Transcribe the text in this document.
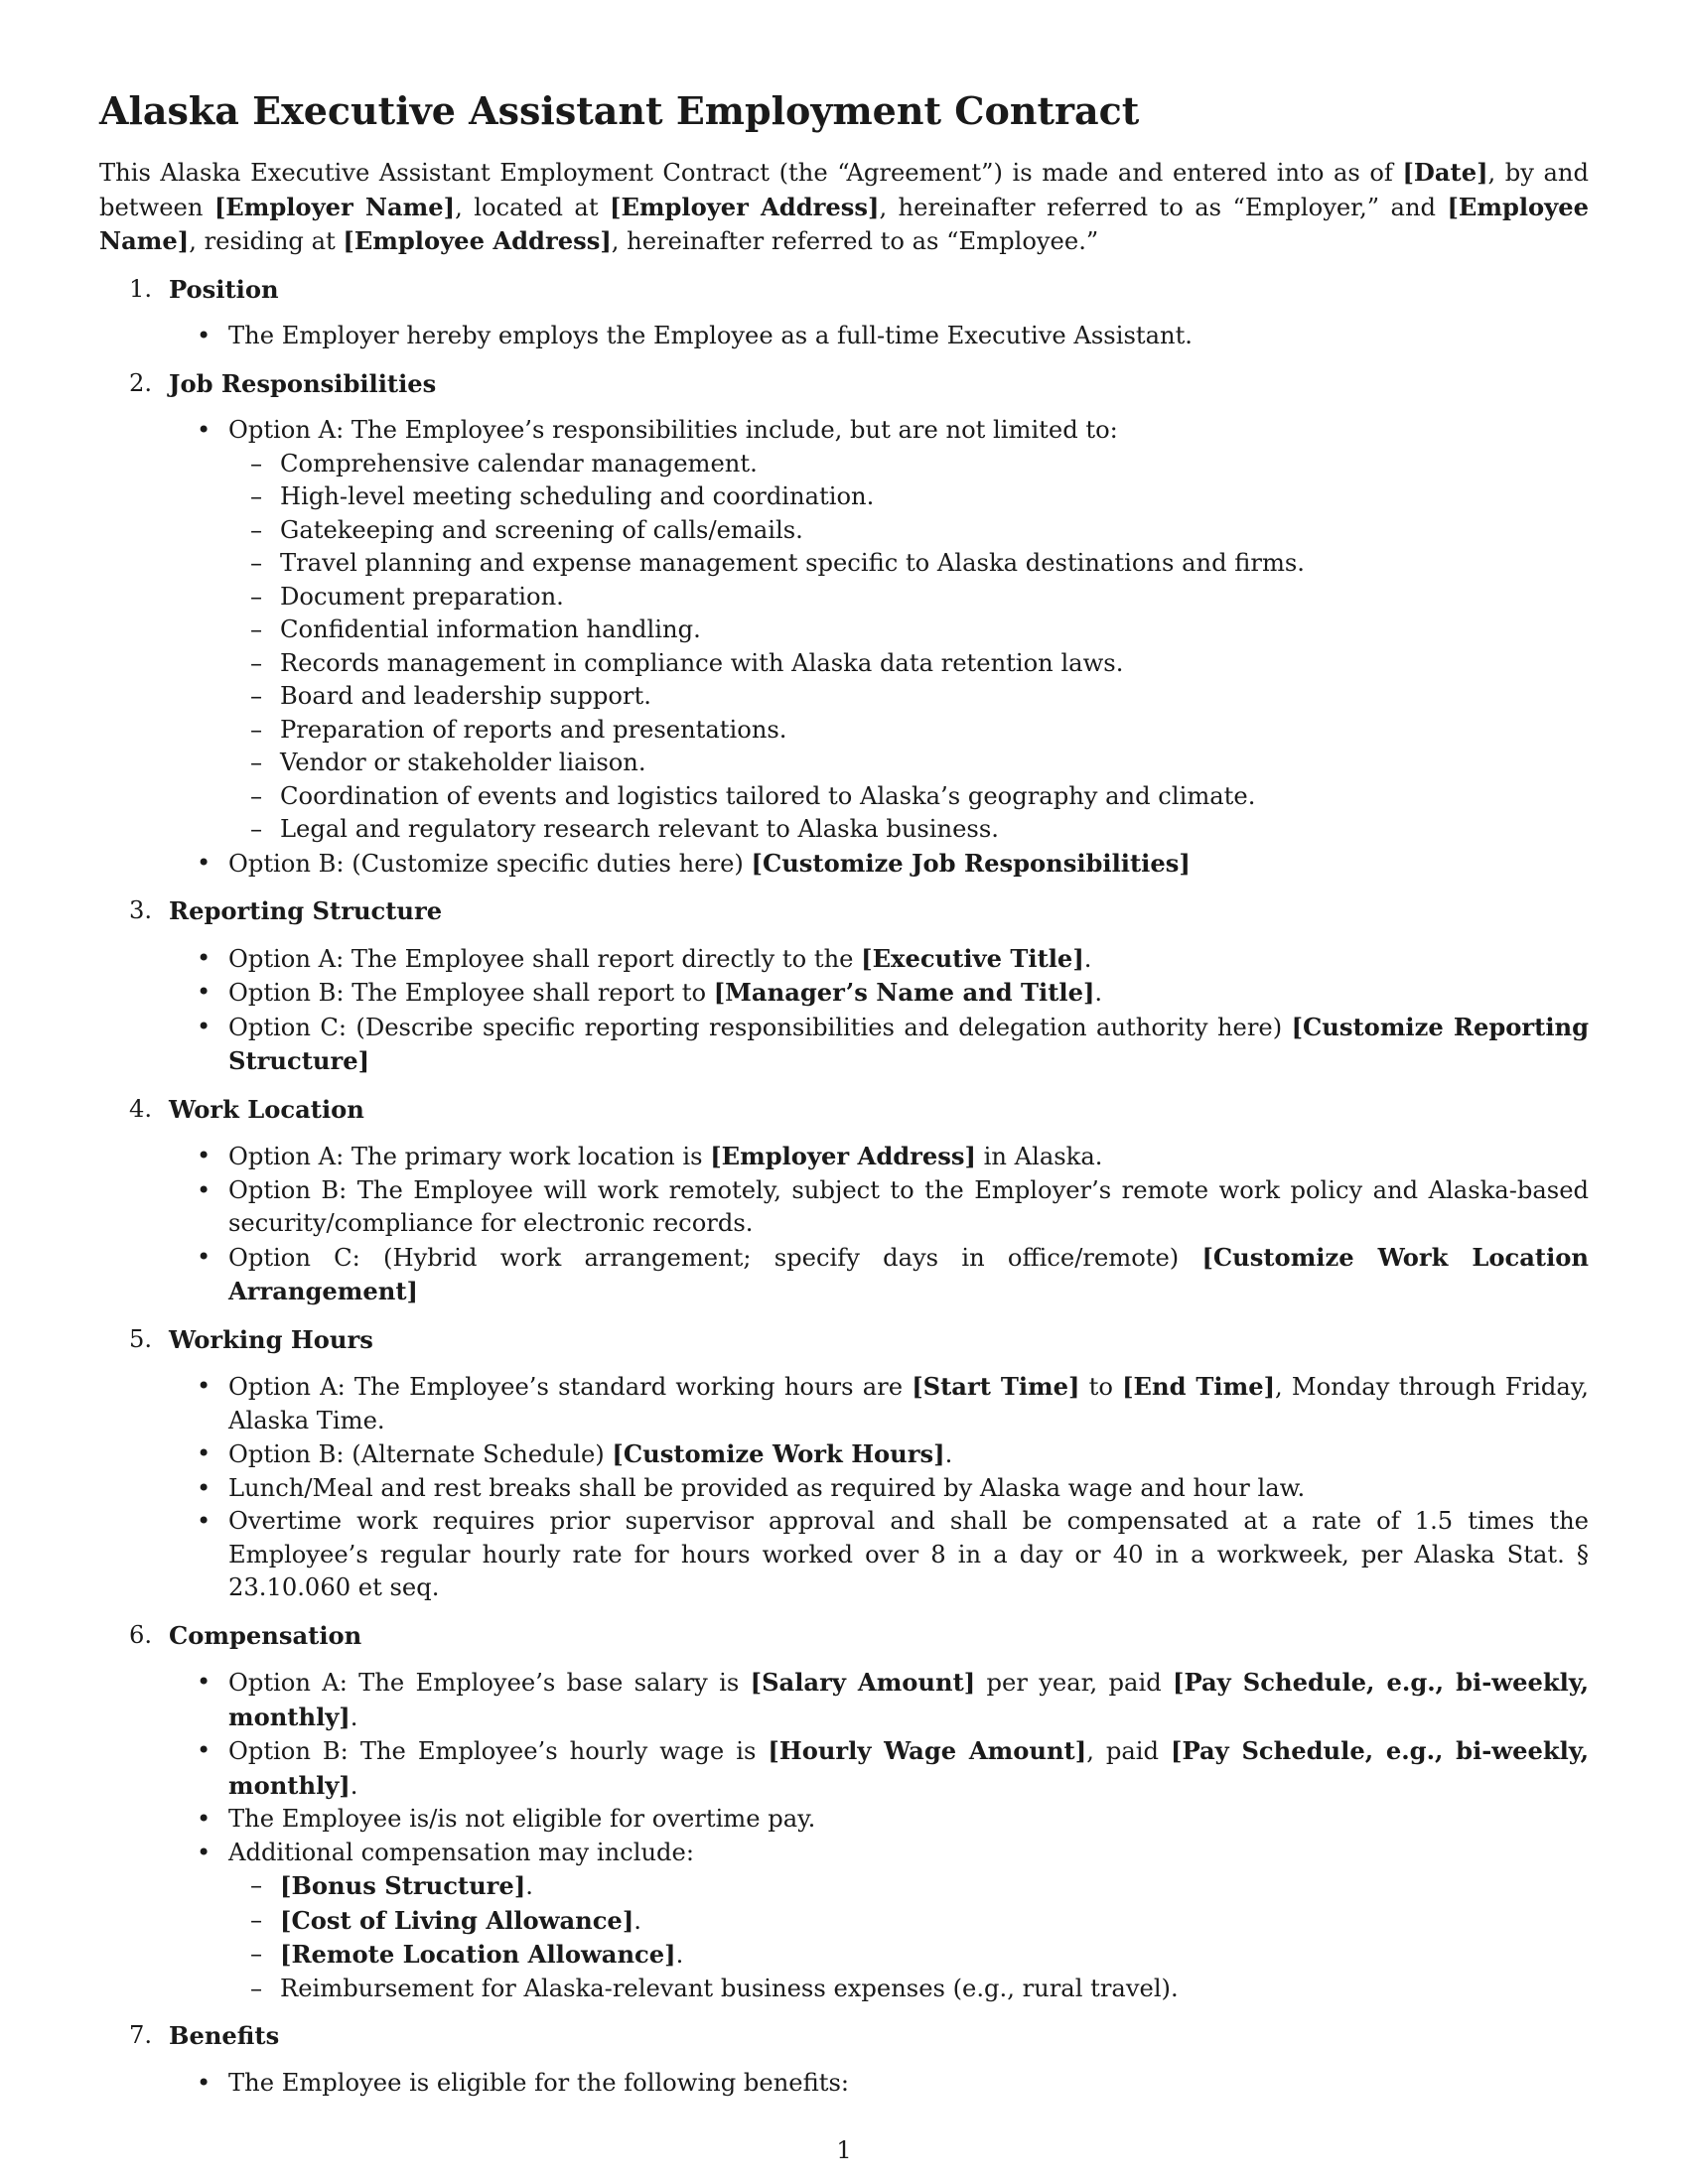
Alaska Executive Assistant Employment Contract

This Alaska Executive Assistant Employment Contract (the “Agreement”) is made and entered into as of [Date], by and between [Employer Name], located at [Employer Address], hereinafter referred to as “Employer,” and [Employee Name], residing at [Employee Address], hereinafter referred to as “Employee.”

1. Position
• The Employer hereby employs the Employee as a full-time Executive Assistant.
2. Job Responsibilities
• Option A: The Employee’s responsibilities include, but are not limited to:
– Comprehensive calendar management.
– High-level meeting scheduling and coordination.
– Gatekeeping and screening of calls/emails.
– Travel planning and expense management specific to Alaska destinations and firms.
– Document preparation.
– Confidential information handling.
– Records management in compliance with Alaska data retention laws.
– Board and leadership support.
– Preparation of reports and presentations.
– Vendor or stakeholder liaison.
– Coordination of events and logistics tailored to Alaska’s geography and climate.
– Legal and regulatory research relevant to Alaska business.
• Option B: (Customize specific duties here) [Customize Job Responsibilities]
3. Reporting Structure
• Option A: The Employee shall report directly to the [Executive Title].
• Option B: The Employee shall report to [Manager’s Name and Title].
• Option C: (Describe specific reporting responsibilities and delegation authority here) [Customize Reporting Structure]
4. Work Location
• Option A: The primary work location is [Employer Address] in Alaska.
• Option B: The Employee will work remotely, subject to the Employer’s remote work policy and Alaska-based security/compliance for electronic records.
• Option C: (Hybrid work arrangement; specify days in office/remote) [Customize Work Location Arrangement]
5. Working Hours
• Option A: The Employee’s standard working hours are [Start Time] to [End Time], Monday through Friday, Alaska Time.
• Option B: (Alternate Schedule) [Customize Work Hours].
• Lunch/Meal and rest breaks shall be provided as required by Alaska wage and hour law.
• Overtime work requires prior supervisor approval and shall be compensated at a rate of 1.5 times the Employee’s regular hourly rate for hours worked over 8 in a day or 40 in a workweek, per Alaska Stat. § 23.10.060 et seq.
6. Compensation
• Option A: The Employee’s base salary is [Salary Amount] per year, paid [Pay Schedule, e.g., bi-weekly, monthly].
• Option B: The Employee’s hourly wage is [Hourly Wage Amount], paid [Pay Schedule, e.g., bi-weekly, monthly].
• The Employee is/is not eligible for overtime pay.
• Additional compensation may include:
– [Bonus Structure].
– [Cost of Living Allowance].
– [Remote Location Allowance].
– Reimbursement for Alaska-relevant business expenses (e.g., rural travel).
7. Benefits
• The Employee is eligible for the following benefits:
1
